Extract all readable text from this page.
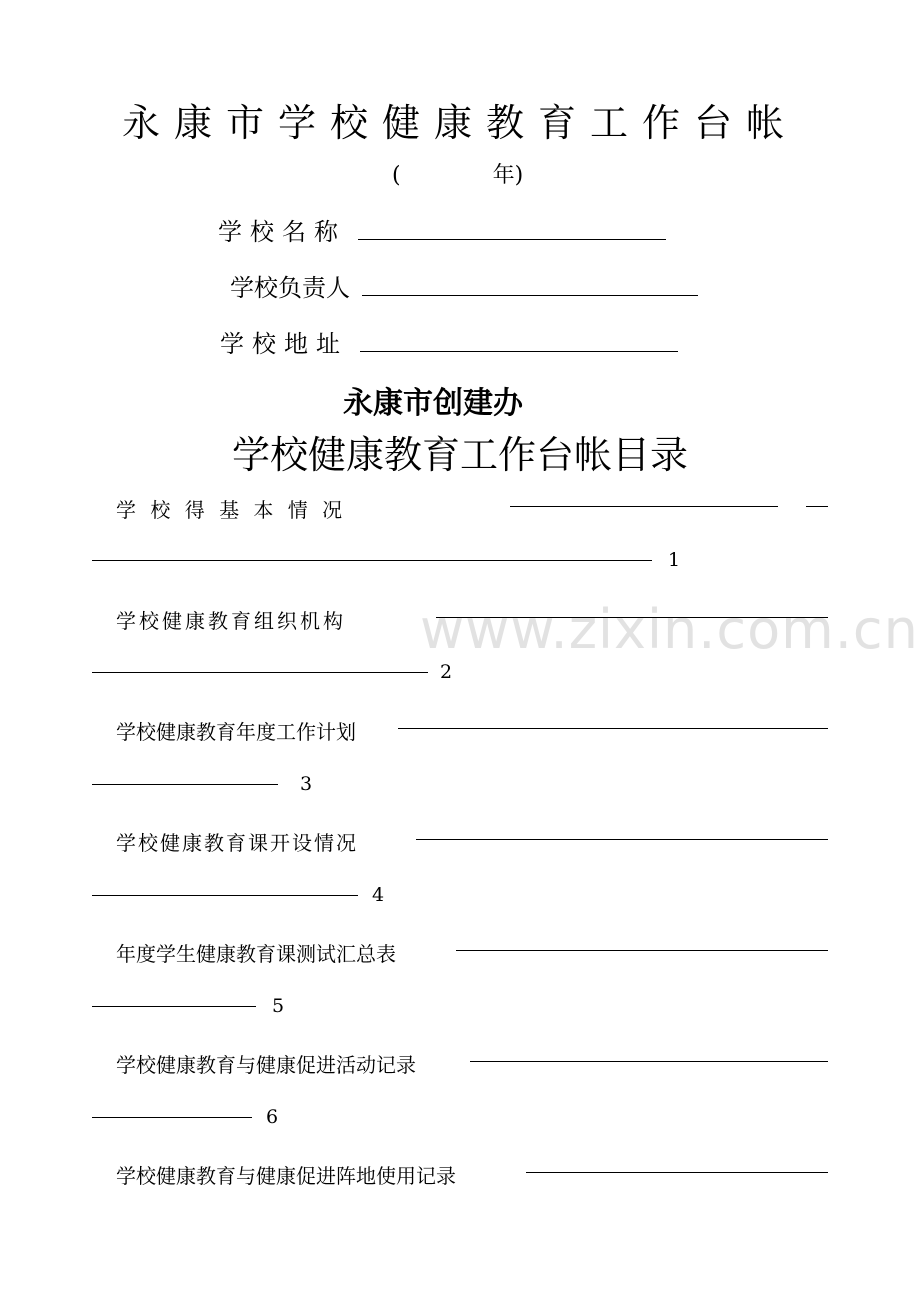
永康市学校健康教育工作台帐
(	年)
学校名称
学校负责人
学校地址
永康市创建办
学校健康教育工作台帐目录
www.zixin.com.cn
学 校 得 基 本 情 况
1
学校健康教育组织机构
2
学校健康教育年度工作计划
3
学校健康教育课开设情况
4
年度学生健康教育课测试汇总表
5
学校健康教育与健康促进活动记录
6
学校健康教育与健康促进阵地使用记录
